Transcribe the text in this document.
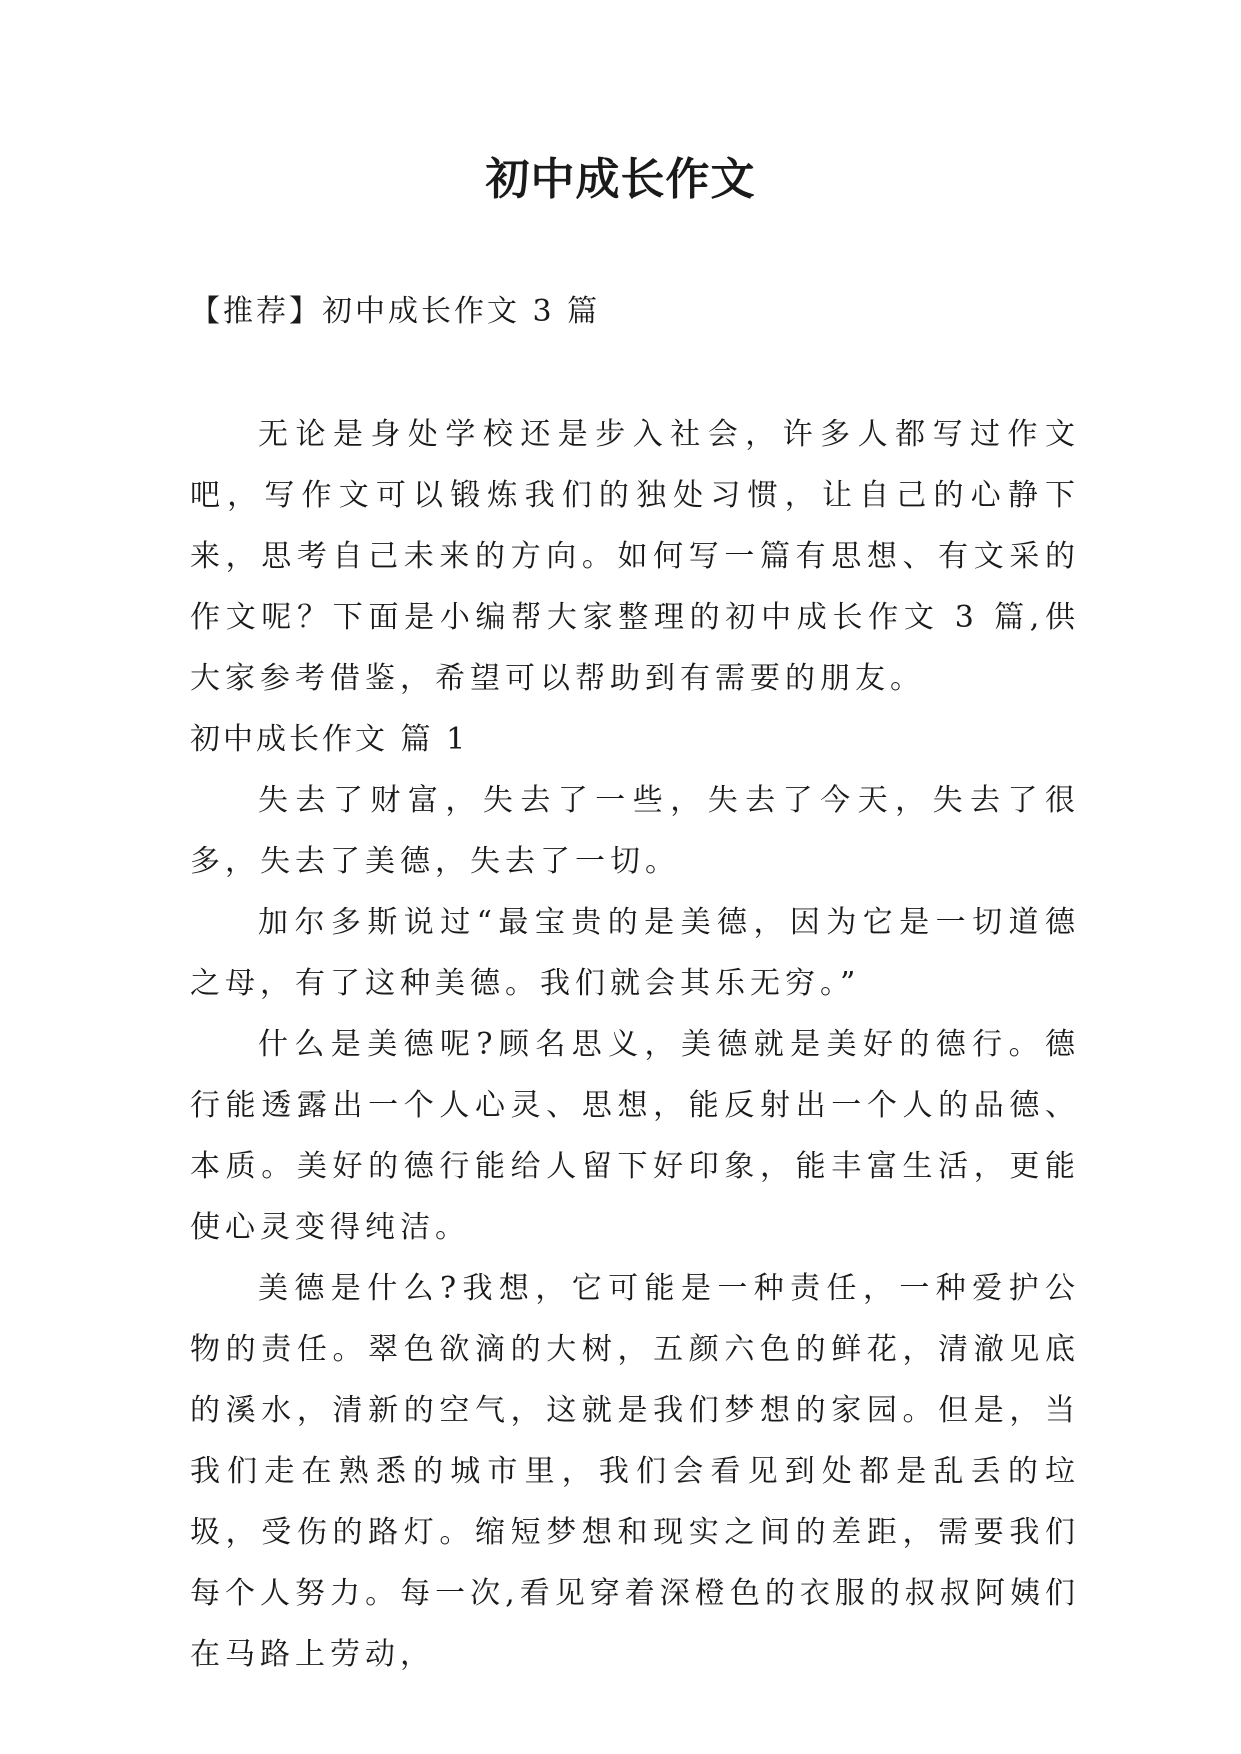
初中成长作文

【推荐】初中成长作文 3 篇

无论是身处学校还是步入社会，许多人都写过作文吧，写作文可以锻炼我们的独处习惯，让自己的心静下来，思考自己未来的方向。如何写一篇有思想、有文采的作文呢？下面是小编帮大家整理的初中成长作文 3 篇,供大家参考借鉴，希望可以帮助到有需要的朋友。

初中成长作文 篇 1

失去了财富，失去了一些，失去了今天，失去了很多，失去了美德，失去了一切。

加尔多斯说过“最宝贵的是美德，因为它是一切道德之母，有了这种美德。我们就会其乐无穷。”

什么是美德呢?顾名思义，美德就是美好的德行。德行能透露出一个人心灵、思想，能反射出一个人的品德、本质。美好的德行能给人留下好印象，能丰富生活，更能使心灵变得纯洁。

美德是什么?我想，它可能是一种责任，一种爱护公物的责任。翠色欲滴的大树，五颜六色的鲜花，清澈见底的溪水，清新的空气，这就是我们梦想的家园。但是，当我们走在熟悉的城市里，我们会看见到处都是乱丢的垃圾，受伤的路灯。缩短梦想和现实之间的差距，需要我们每个人努力。每一次,看见穿着深橙色的衣服的叔叔阿姨们在马路上劳动，
